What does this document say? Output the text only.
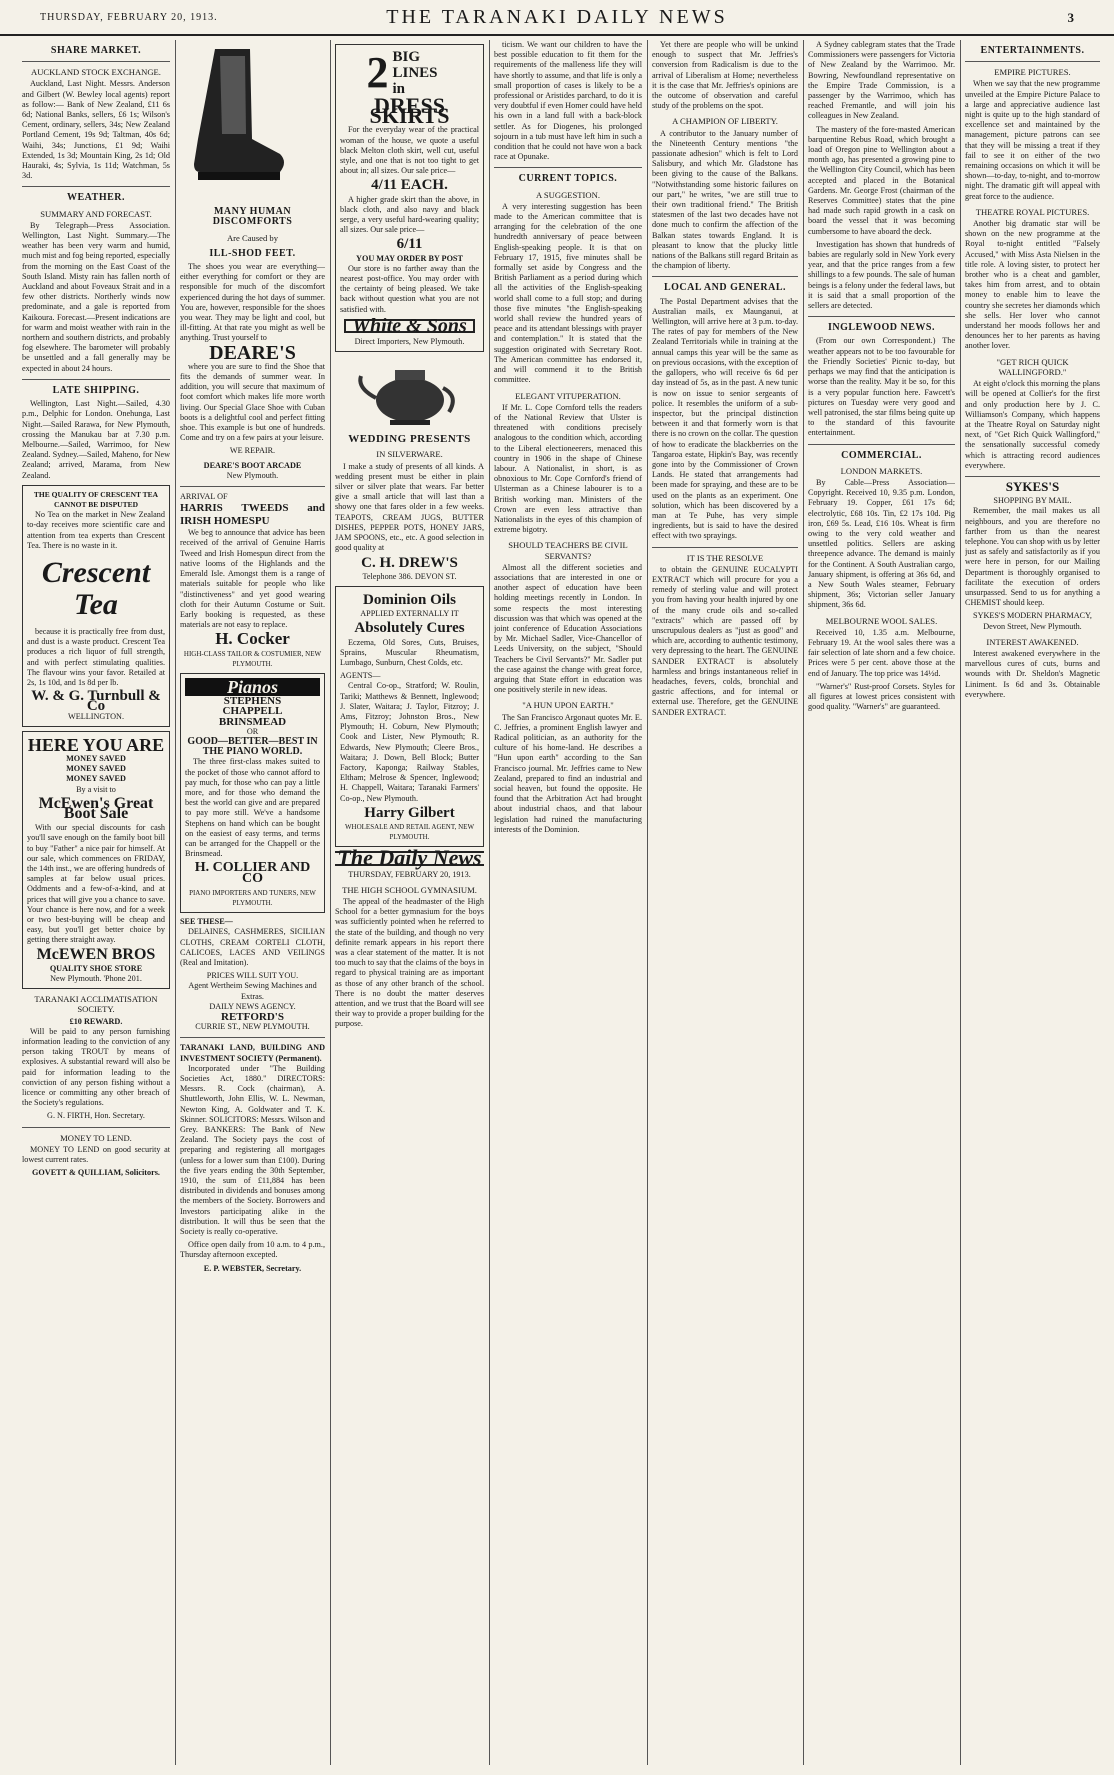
THURSDAY, FEBRUARY 20, 1913.	THE TARANAKI DAILY NEWS	3
SHARE MARKET.
AUCKLAND STOCK EXCHANGE.

Auckland, Last Night. Messrs. Anderson and Gilbert (W. Bewley local agents) report as follow:— Bank of New Zealand, £11 6s 6d; National Banks, sellers, £6 1s; Wilson's Cement, ordinary, sellers, 34s; New Zealand Portland Cement, 19s 9d; Taltman, 40s 6d; Waihi, 34s; Junctions, £1 9d; Waihi Extended, 1s 3d; Mountain King, 2s 1d; Old Hauraki, 4s; Sylvia, 1s 11d; Watchman, 5s 3d.

WEATHER.
SUMMARY AND FORECAST.

By Telegraph—Press Association. Wellington, Last Night. Summary.—The weather has been very warm and humid, much mist and fog being reported, especially from the morning on the East Coast of the South Island. Misty rain has fallen north of Auckland and about Foveaux Strait and in a few other districts. Northerly winds now predominate, and a gale is reported from Kaikoura. Forecast.—Present indications are for warm and moist weather with rain in the northern and southern districts, and probably fog elsewhere. The barometer will probably be unsettled and a fall generally may be expected in about 24 hours.

LATE SHIPPING.

Wellington, Last Night.—Sailed, 4.30 p.m., Delphic for London. Onehunga, Last Night.—Sailed Rarawa, for New Plymouth, crossing the Manukau bar at 7.30 p.m. Melbourne.—Sailed, Warrimoo, for New Zealand. Sydney.—Sailed, Maheno, for New Zealand; arrived, Marama, from New Zealand.

THE QUALITY OF CRESCENT TEA
CANNOT BE DISPUTED

No Tea on the market in New Zealand to-day receives more scientific care and attention from tea experts than Crescent Tea. There is no waste in it.

Crescent Tea

because it is practically free from dust, and dust is a waste product. Crescent Tea produces a rich liquor of full strength, and with perfect stimulating qualities. The flavour wins your favor. Retailed at 2s, 1s 10d, and 1s 8d per lb.

W. & G. Turnbull & Co
WELLINGTON.
HERE YOU ARE
MONEY SAVED
MONEY SAVED
MONEY SAVED
By a visit to
McEwen's Great Boot Sale

With our special discounts for cash you'll save enough on the family boot bill to buy "Father" a nice pair for himself. At our sale, which commences on FRIDAY, the 14th inst., we are offering hundreds of samples at far below usual prices. Oddments and a few-of-a-kind, and at prices that will give you a chance to save. Your chance is here now, and for a week or two best-buying will be cheap and easy, but you'll get better choice by getting there straight away.

McEWEN BROS
QUALITY SHOE STORE
New Plymouth. 'Phone 201.
TARANAKI ACCLIMATISATION SOCIETY.
£10 REWARD.

Will be paid to any person furnishing information leading to the conviction of any person taking TROUT by means of explosives. A substantial reward will also be paid for information leading to the conviction of any person fishing without a licence or committing any other breach of the Society's regulations.

G. N. FIRTH, Hon. Secretary.
MONEY TO LEND.

MONEY TO LEND on good security at lowest current rates.

GOVETT & QUILLIAM, Solicitors.
MANY HUMAN DISCOMFORTS
Are Caused by
ILL-SHOD FEET.

The shoes you wear are everything—either everything for comfort or they are responsible for much of the discomfort experienced during the hot days of summer. You are, however, responsible for the shoes you wear. They may be light and cool, but ill-fitting. At that rate you might as well be anything. Trust yourself to

DEARE'S

where you are sure to find the Shoe that fits the demands of summer wear. In addition, you will secure that maximum of foot comfort which makes life more worth living. Our Special Glace Shoe with Cuban boots is a delightful cool and perfect fitting shoe. This example is but one of hundreds. Come and try on a few pairs at your leisure.

WE REPAIR.
DEARE'S BOOT ARCADE
New Plymouth.
ARRIVAL OF
HARRIS TWEEDS and IRISH HOMESPU

We beg to announce that advice has been received of the arrival of Genuine Harris Tweed and Irish Homespun direct from the native looms of the Highlands and the Emerald Isle. Amongst them is a range of materials suitable for people who like "distinctiveness" and yet good wearing cloth for their Autumn Costume or Suit. Early booking is requested, as these materials are not easy to replace.

H. Cocker
HIGH-CLASS TAILOR & COSTUMIER, NEW PLYMOUTH.
Pianos
STEPHENS
CHAPPELL
BRINSMEAD
OR
GOOD—BETTER—BEST IN THE PIANO WORLD.

The three first-class makes suited to the pocket of those who cannot afford to pay much, for those who can pay a little more, and for those who demand the best the world can give and are prepared to pay more still. We've a handsome Stephens on hand which can be bought on the easiest of easy terms, and terms can be arranged for the Chappell or the Brinsmead.

H. COLLIER AND CO
PIANO IMPORTERS AND TUNERS, NEW PLYMOUTH.
SEE THESE—

DELAINES, CASHMERES, SICILIAN CLOTHS, CREAM CORTELI CLOTH, CALICOES, LACES AND VEILINGS (Real and Imitation).

PRICES WILL SUIT YOU.
Agent Wertheim Sewing Machines and Extras.
DAILY NEWS AGENCY.
RETFORD'S
CURRIE ST., NEW PLYMOUTH.
TARANAKI LAND, BUILDING AND INVESTMENT SOCIETY (Permanent).

Incorporated under "The Building Societies Act, 1880." DIRECTORS: Messrs. R. Cock (chairman), A. Shuttleworth, John Ellis, W. L. Newman, Newton King, A. Goldwater and T. K. Skinner. SOLICITORS: Messrs. Wilson and Grey. BANKERS: The Bank of New Zealand. The Society pays the cost of preparing and registering all mortgages (unless for a lower sum than £100). During the five years ending the 30th September, 1910, the sum of £11,884 has been distributed in dividends and bonuses among the members of the Society. Borrowers and Investors participating alike in the distribution. It will thus be seen that the Society is really co-operative.

Office open daily from 10 a.m. to 4 p.m., Thursday afternoon excepted.

E. P. WEBSTER, Secretary.
2 BIG LINES in
DRESS SKIRTS

For the everyday wear of the practical woman of the house, we quote a useful black Melton cloth skirt, well cut, useful style, and one that is not too tight to get about in; all sizes. Our sale price—

4/11 EACH.

A higher grade skirt than the above, in black cloth, and also navy and black serge, a very useful hard-wearing quality; all sizes. Our sale price—

6/11
YOU MAY ORDER BY POST

Our store is no farther away than the nearest post-office. You may order with the certainty of being pleased. We take back without question what you are not satisfied with.

White & Sons
Direct Importers, New Plymouth.
WEDDING PRESENTS
IN SILVERWARE.

I make a study of presents of all kinds. A wedding present must be either in plain silver or silver plate that wears. Far better give a small article that will last than a showy one that fares older in a few weeks. TEAPOTS, CREAM JUGS, BUTTER DISHES, PEPPER POTS, HONEY JARS, JAM SPOONS, etc., etc. A good selection in good quality at

C. H. DREW'S
Telephone 386. DEVON ST.
Dominion Oils
APPLIED EXTERNALLY IT
Absolutely Cures

Eczema, Old Sores, Cuts, Bruises, Sprains, Muscular Rheumatism, Lumbago, Sunburn, Chest Colds, etc.

AGENTS—

Central Co-op., Stratford; W. Roulin, Tariki; Matthews & Bennett, Inglewood; J. Slater, Waitara; J. Taylor, Fitzroy; J. Ams, Fitzroy; Johnston Bros., New Plymouth; H. Coburn, New Plymouth; Cook and Lister, New Plymouth; R. Edwards, New Plymouth; Cleere Bros., Waitara; J. Down, Bell Block; Butter Factory, Kaponga; Railway Stables, Eltham; Melrose & Spencer, Inglewood; H. Chappell, Waitara; Taranaki Farmers' Co-op., New Plymouth.

Harry Gilbert
WHOLESALE AND RETAIL AGENT, NEW PLYMOUTH.
The Daily News
THURSDAY, FEBRUARY 20, 1913.
THE HIGH SCHOOL GYMNASIUM.

The appeal of the headmaster of the High School for a better gymnasium for the boys was sufficiently pointed when he referred to the state of the building, and though no very definite remark appears in his report there was a clear statement of the matter. It is not too much to say that the claims of the boys in regard to physical training are as important as those of any other branch of the school. There is no doubt the matter deserves attention, and we trust that the Board will see their way to provide a proper building for the purpose.

ticism. We want our children to have the best possible education to fit them for the requirements of the malleness life they will have shortly to assume, and that life is only a small proportion of cases is likely to be a professional or Aristides parchard, to do it is very doubtful if even Homer could have held his own in a land full with a back-block settler. As for Diogenes, his prolonged sojourn in a tub must have left him in such a condition that he could not have won a back race at Opunake.

CURRENT TOPICS.
A SUGGESTION.

A very interesting suggestion has been made to the American committee that is arranging for the celebration of the one hundredth anniversary of peace between English-speaking people. It is that on February 17, 1915, five minutes shall be formally set aside by Congress and the British Parliament as a period during which all the activities of the English-speaking world shall come to a full stop; and during those five minutes "the English-speaking world shall review the hundred years of peace and its attendant blessings with prayer and contemplation." It is stated that the suggestion originated with Secretary Root. The American committee has endorsed it, and will commend it to the British committee.

ELEGANT VITUPERATION.

If Mr. L. Cope Cornford tells the readers of the National Review that Ulster is threatened with conditions precisely analogous to the condition which, according to the Liberal electioneerers, menaced this country in 1906 in the shape of Chinese labour. A Nationalist, in short, is as obnoxious to Mr. Cope Cornford's friend of Ulsterman as a Chinese labourer is to a British working man. Ministers of the Crown are even less attractive than Nationalists in the eyes of this champion of extreme bigotry.

SHOULD TEACHERS BE CIVIL SERVANTS?

Almost all the different societies and associations that are interested in one or another aspect of education have been holding meetings recently in London. In some respects the most interesting discussion was that which was opened at the joint conference of Education Associations by Mr. Michael Sadler, Vice-Chancellor of Leeds University, on the subject, "Should Teachers be Civil Servants?" Mr. Sadler put the case against the change with great force, arguing that State effort in education was one positively sterile in new ideas.

"A HUN UPON EARTH."

The San Francisco Argonaut quotes Mr. E. C. Jeffries, a prominent English lawyer and Radical politician, as an authority for the culture of his home-land. He describes a "Hun upon earth" according to the San Francisco journal. Mr. Jeffries came to New Zealand, prepared to find an industrial and social heaven, but found the opposite. He found that the Arbitration Act had brought about industrial chaos, and that labour legislation had ruined the manufacturing interests of the Dominion.

Yet there are people who will be unkind enough to suspect that Mr. Jeffries's conversion from Radicalism is due to the arrival of Liberalism at Home; nevertheless it is the case that Mr. Jeffries's opinions are the outcome of observation and careful study of the problems on the spot.

A CHAMPION OF LIBERTY.

A contributor to the January number of the Nineteenth Century mentions "the passionate adhesion" which is felt to Lord Salisbury, and which Mr. Gladstone has been giving to the cause of the Balkans. "Notwithstanding some historic failures on our part," he writes, "we are still true to their own traditional friend." The British statesmen of the last two decades have not done much to confirm the affection of the Balkan states towards England. It is pleasant to know that the plucky little nations of the Balkans still regard Britain as the champion of liberty.

LOCAL AND GENERAL.

The Postal Department advises that the Australian mails, ex Maunganui, at Wellington, will arrive here at 3 p.m. to-day. The rates of pay for members of the New Zealand Territorials while in training at the annual camps this year will be the same as on previous occasions, with the exception of the gallopers, who will receive 6s 6d per day instead of 5s, as in the past. A new tunic is now on issue to senior sergeants of police. It resembles the uniform of a sub-inspector, but the principal distinction between it and that formerly worn is that there is no crown on the collar. The question of how to eradicate the blackberries on the Tangaroa estate, Hipkin's Bay, was recently gone into by the Commissioner of Crown Lands. He stated that arrangements had been made for spraying, and these are to be used on the plants as an experiment. One solution, which has been discovered by a man at Te Puhe, has very simple ingredients, but is said to have the desired effect with two sprayings.

IT IS THE RESOLVE

to obtain the GENUINE EUCALYPTI EXTRACT which will procure for you a remedy of sterling value and will protect you from having your health injured by one of the many crude oils and so-called "extracts" which are passed off by unscrupulous dealers as "just as good" and which are, according to authentic testimony, very depressing to the heart. The GENUINE SANDER EXTRACT is absolutely harmless and brings instantaneous relief in headaches, fevers, colds, bronchial and gastric affections, and for internal or external use. Therefore, get the GENUINE SANDER EXTRACT.

A Sydney cablegram states that the Trade Commissioners were passengers for Victoria of New Zealand by the Warrimoo. Mr. Bowring, Newfoundland representative on the Empire Trade Commission, is a passenger by the Warrimoo, which has reached Fremantle, and will join his colleagues in New Zealand.

The mastery of the fore-masted American barquentine Rebus Road, which brought a load of Oregon pine to Wellington about a month ago, has presented a growing pine to the Wellington City Council, which has been accepted and placed in the Botanical Gardens. Mr. George Frost (chairman of the Reserves Committee) states that the pine had made such rapid growth in a cask on board the vessel that it was becoming cumbersome to have aboard the deck.

Investigation has shown that hundreds of babies are regularly sold in New York every year, and that the price ranges from a few shillings to a few pounds. The sale of human beings is a felony under the federal laws, but it is said that a small proportion of the sellers are detected.

INGLEWOOD NEWS.

(From our own Correspondent.) The weather appears not to be too favourable for the Friendly Societies' Picnic to-day, but perhaps we may find that the anticipation is worse than the reality. May it be so, for this is a very popular function here. Fawcett's pictures on Tuesday were very good and well patronised, the star films being quite up to the standard of this favourite entertainment.

COMMERCIAL.
LONDON MARKETS.

By Cable—Press Association—Copyright. Received 10, 9.35 p.m. London, February 19. Copper, £61 17s 6d; electrolytic, £68 10s. Tin, £2 17s 10d. Pig iron, £69 5s. Lead, £16 10s. Wheat is firm owing to the very cold weather and unsettled politics. Sellers are asking threepence advance. The demand is mainly for the Continent. A South Australian cargo, January shipment, is offering at 36s 6d, and a New South Wales steamer, February shipment, 36s; Victorian seller January shipment, 36s 6d.

MELBOURNE WOOL SALES.

Received 10, 1.35 a.m. Melbourne, February 19. At the wool sales there was a fair selection of late shorn and a few choice. Prices were 5 per cent. above those at the end of January. The top price was 14½d.

"Warner's" Rust-proof Corsets. Styles for all figures at lowest prices consistent with good quality. "Warner's" are guaranteed.

ENTERTAINMENTS.
EMPIRE PICTURES.

When we say that the new programme unveiled at the Empire Picture Palace to a large and appreciative audience last night is quite up to the high standard of excellence set and maintained by the management, picture patrons can see that they will be missing a treat if they fail to see it on either of the two remaining occasions on which it will be shown—to-day, to-night, and to-morrow night. The dramatic gift will appeal with great force to the audience.

THEATRE ROYAL PICTURES.

Another big dramatic star will be shown on the new programme at the Royal to-night entitled "Falsely Accused," with Miss Asta Nielsen in the title role. A loving sister, to protect her brother who is a cheat and gambler, takes him from arrest, and to obtain money to enable him to leave the country she secretes her diamonds which she sells. Her lover who cannot understand her moods follows her and denounces her to her parents as having another lover.

"GET RICH QUICK WALLINGFORD."

At eight o'clock this morning the plans will be opened at Collier's for the first and only production here by J. C. Williamson's Company, which happens at the Theatre Royal on Saturday night next, of "Get Rich Quick Wallingford," the sensationally successful comedy which is attracting record audiences everywhere.

SYKES'S
SHOPPING BY MAIL.

Remember, the mail makes us all neighbours, and you are therefore no farther from us than the nearest telephone. You can shop with us by letter just as safely and satisfactorily as if you were here in person, for our Mailing Department is thoroughly organised to facilitate the execution of orders unsurpassed. Send to us for anything a CHEMIST should keep.

SYKES'S MODERN PHARMACY, Devon Street, New Plymouth.
INTEREST AWAKENED.

Interest awakened everywhere in the marvellous cures of cuts, burns and wounds with Dr. Sheldon's Magnetic Liniment. Is 6d and 3s. Obtainable everywhere.
